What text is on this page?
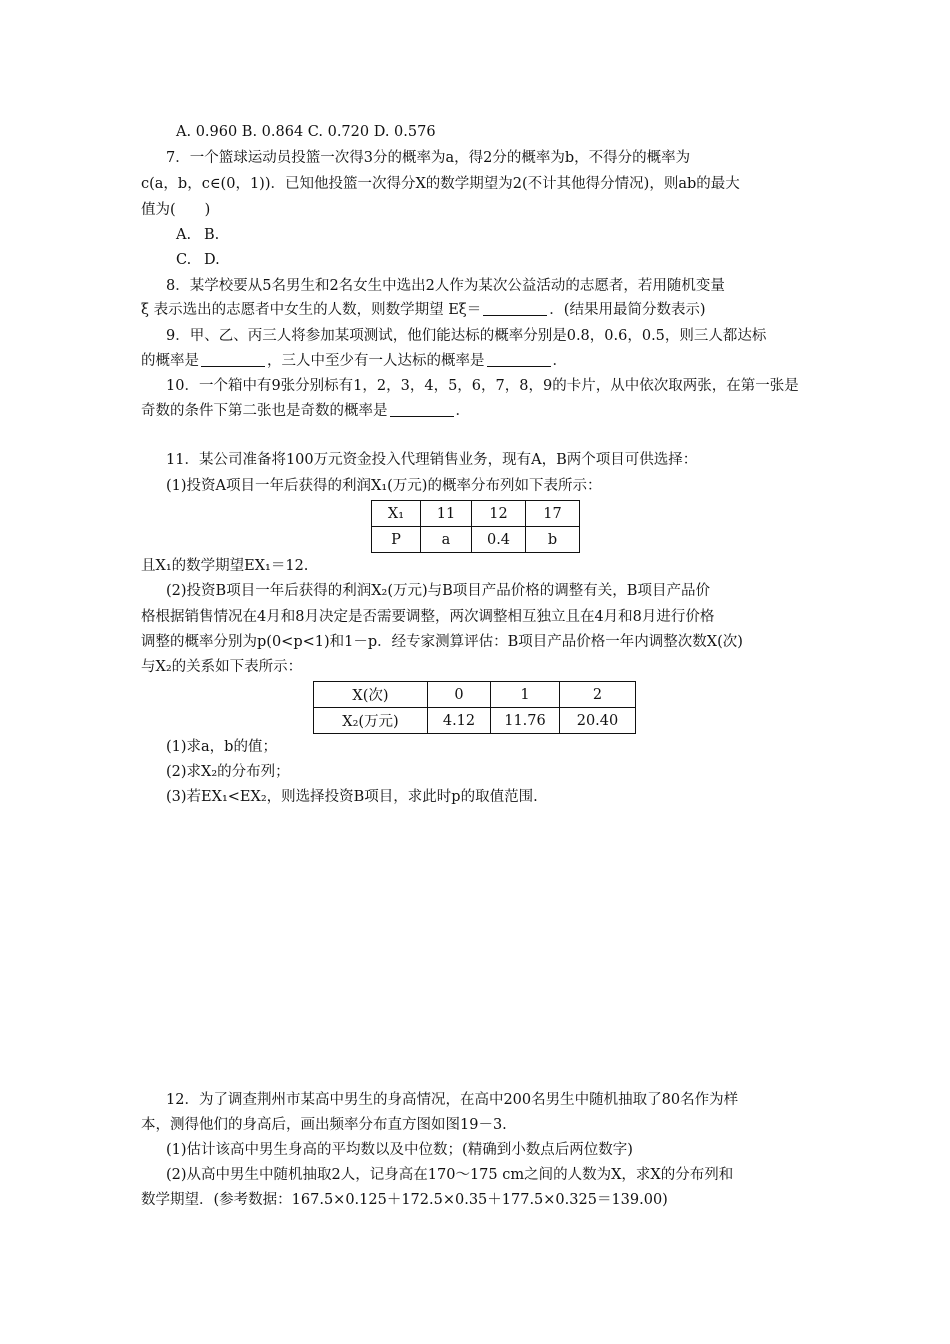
A. 0.960 B. 0.864 C. 0.720 D. 0.576
7．一个篮球运动员投篮一次得3分的概率为a，得2分的概率为b，不得分的概率为
c(a，b，c∈(0，1))．已知他投篮一次得分X的数学期望为2(不计其他得分情况)，则ab的最大
值为(　　)
A. B.
C. D.
8．某学校要从5名男生和2名女生中选出2人作为某次公益活动的志愿者，若用随机变量
ξ 表示选出的志愿者中女生的人数，则数学期望 Eξ＝	．(结果用最简分数表示)
9．甲、乙、丙三人将参加某项测试，他们能达标的概率分别是0.8，0.6，0.5，则三人都达标
的概率是	，三人中至少有一人达标的概率是	．
10．一个箱中有9张分别标有1，2，3，4，5，6，7，8，9的卡片，从中依次取两张，在第一张是
奇数的条件下第二张也是奇数的概率是	．
11．某公司准备将100万元资金投入代理销售业务，现有A，B两个项目可供选择：
(1)投资A项目一年后获得的利润X₁(万元)的概率分布列如下表所示：
X₁	11	12	17
P	a	0.4	b
且X₁的数学期望EX₁＝12.
(2)投资B项目一年后获得的利润X₂(万元)与B项目产品价格的调整有关，B项目产品价
格根据销售情况在4月和8月决定是否需要调整，两次调整相互独立且在4月和8月进行价格
调整的概率分别为p(0<p<1)和1－p．经专家测算评估：B项目产品价格一年内调整次数X(次)
与X₂的关系如下表所示：
X(次)	0	1	2
X₂(万元)	4.12	11.76	20.40
(1)求a，b的值；
(2)求X₂的分布列；
(3)若EX₁<EX₂，则选择投资B项目，求此时p的取值范围.
12．为了调查荆州市某高中男生的身高情况，在高中200名男生中随机抽取了80名作为样
本，测得他们的身高后，画出频率分布直方图如图19－3.
(1)估计该高中男生身高的平均数以及中位数；(精确到小数点后两位数字)
(2)从高中男生中随机抽取2人，记身高在170～175 cm之间的人数为X，求X的分布列和
数学期望．(参考数据：167.5×0.125＋172.5×0.35＋177.5×0.325＝139.00)
